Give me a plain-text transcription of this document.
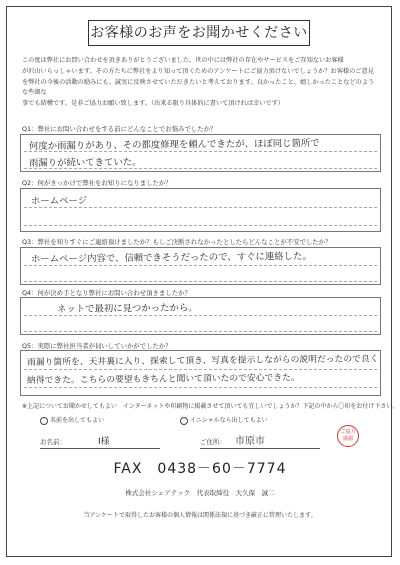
お客様のお声をお聞かせください
この度は弊社にお問い合わせを頂きありがとうございました。世の中には弊社の存在やサービスをご存知ないお客様
が沢山いらっしゃいます。その方たちに弊社をより知って頂くためのアンケートにご協力頂けないでしょうか？お客様のご意見
を弊社の今後の活動の励みにも、誠実に反映させていただきたいと考えております。良かったこと、嬉しかったことなどのような些細な
事でも結構です。是非ご協力お願い致します。（出来る限り具体的に書いて頂ければ幸いです）
Q1：弊社にお問い合わせをする前にどんなことでお悩みでしたか？
何度か雨漏りがあり、その都度修理を頼んできたが、ほぼ同じ箇所で
雨漏りが続いてきていた。
Q2：何がきっかけで弊社をお知りになりましたか？
ホームページ
Q3：弊社を知りすぐにご連絡頂けましたか？もしご決断されなかったとしたらどんなことが不安でしたか？
ホームページ内容で、信頼できそうだったので、すぐに連絡した。
Q4：何が決め手となり弊社にお問い合わせ頂きましたか？
ネットで最初に見つかったから。
Q5：実際に弊社担当者が伺いしていかがでしたか？
雨漏り箇所を、天井裏に入り、探索して頂き、写真を提示しながらの説明だったので良く
納得できた。こちらの要望もきちんと聞いて頂いたので安心できた。
※上記についてお聞かせしてもよい　インターネットや印刷物に掲載させて頂いても宜しいでしょうか？下記の中から〇印をお付け下さい。
名前を出してもよい	イニシャルなら出してもよい
お名前：	I様	ご住所： 市原市
ご協力
感謝
FAX　0438－60－7774
株式会社シェアテック　代表取締役　大久保　誠二
当アンケートで取得したお客様の個人情報は関係法規に基づき厳正に管理いたします。
